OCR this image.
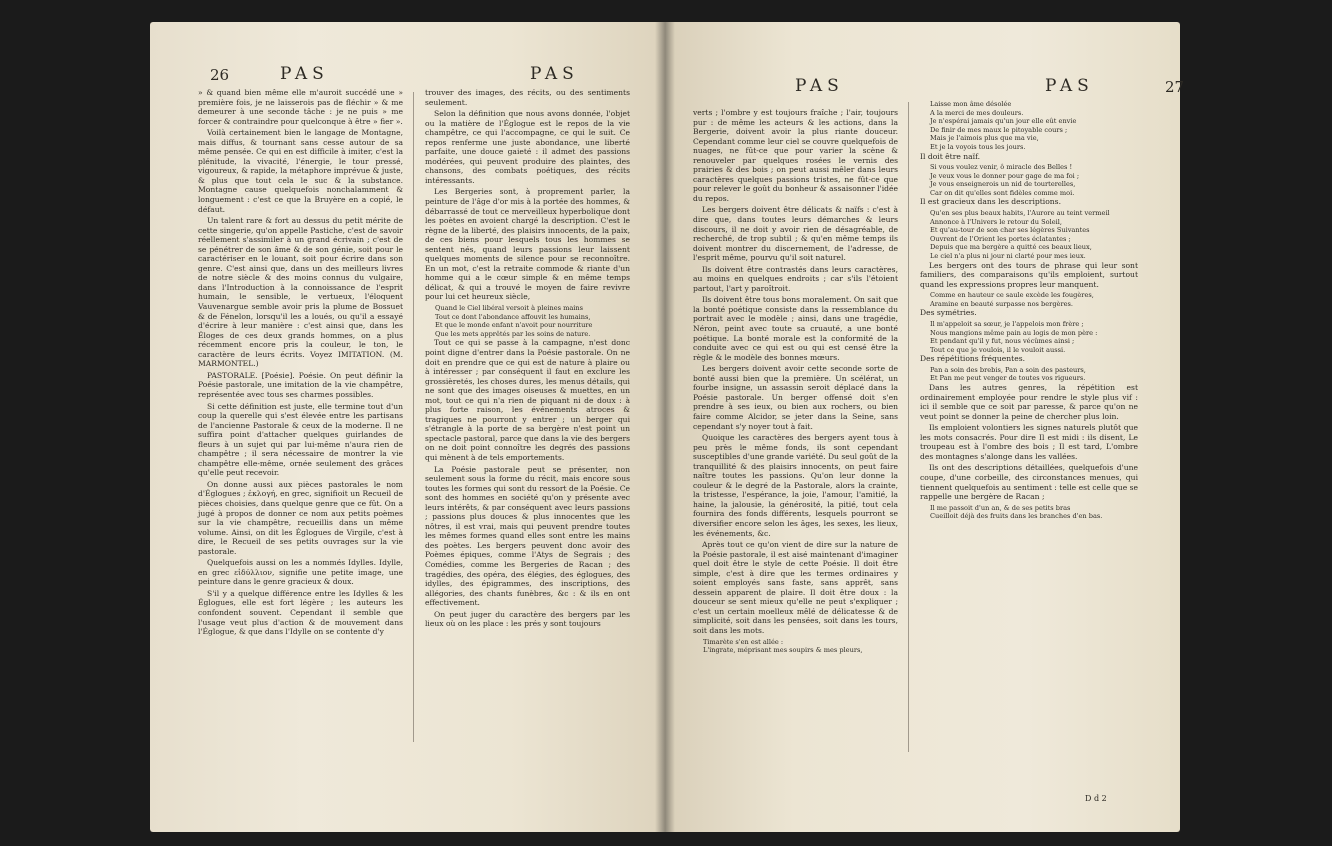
26	PAS	PAS

» & quand bien même elle m'auroit succédé une » première fois, je ne laisserois pas de fléchir » & me demeurer à une seconde tâche : je ne puis » me forcer & contraindre pour quelconque à être » fier ».

Voilà certainement bien le langage de Montagne, mais diffus, & tournant sans cesse autour de sa même pensée. Ce qui en est difficile à imiter, c'est la plénitude, la vivacité, l'énergie, le tour pressé, vigoureux, & rapide, la métaphore imprévue & juste, & plus que tout cela le suc & la substance. Montagne cause quelquefois nonchalamment & longuement : c'est ce que la Bruyère en a copié, le défaut.

Un talent rare & fort au dessus du petit mérite de cette singerie, qu'on appelle Pastiche, c'est de savoir réellement s'assimiler à un grand écrivain ; c'est de se pénétrer de son âme & de son génie, soit pour le caractériser en le louant, soit pour écrire dans son genre. C'est ainsi que, dans un des meilleurs livres de notre siècle & des moins connus du vulgaire, dans l'Introduction à la connoissance de l'esprit humain, le sensible, le vertueux, l'éloquent Vauvenargue semble avoir pris la plume de Bossuet & de Fénelon, lorsqu'il les a loués, ou qu'il a essayé d'écrire à leur manière : c'est ainsi que, dans les Éloges de ces deux grands hommes, on a plus récemment encore pris la couleur, le ton, le caractère de leurs écrits. Voyez IMITATION. (M. MARMONTEL.)

PASTORALE. [Poésie]. Poésie. On peut définir la Poésie pastorale, une imitation de la vie champêtre, représentée avec tous ses charmes possibles.

Si cette définition est juste, elle termine tout d'un coup la querelle qui s'est élevée entre les partisans de l'ancienne Pastorale & ceux de la moderne. Il ne suffira point d'attacher quelques guirlandes de fleurs à un sujet qui par lui-même n'aura rien de champêtre ; il sera nécessaire de montrer la vie champêtre elle-même, ornée seulement des grâces qu'elle peut recevoir.

On donne aussi aux pièces pastorales le nom d'Églogues ; ἐκλογή, en grec, signifioit un Recueil de pièces choisies, dans quelque genre que ce fût. On a jugé à propos de donner ce nom aux petits poèmes sur la vie champêtre, recueillis dans un même volume. Ainsi, on dit les Églogues de Virgile, c'est à dire, le Recueil de ses petits ouvrages sur la vie pastorale.

Quelquefois aussi on les a nommés Idylles. Idylle, en grec εἰδύλλιον, signifie une petite image, une peinture dans le genre gracieux & doux.

S'il y a quelque différence entre les Idylles & les Églogues, elle est fort légère ; les auteurs les confondent souvent. Cependant il semble que l'usage veut plus d'action & de mouvement dans l'Églogue, & que dans l'Idylle on se contente d'y

trouver des images, des récits, ou des sentiments seulement.

Selon la définition que nous avons donnée, l'objet ou la matière de l'Églogue est le repos de la vie champêtre, ce qui l'accompagne, ce qui le suit. Ce repos renferme une juste abondance, une liberté parfaite, une douce gaieté : il admet des passions modérées, qui peuvent produire des plaintes, des chansons, des combats poétiques, des récits intéressants.

Les Bergeries sont, à proprement parler, la peinture de l'âge d'or mis à la portée des hommes, & débarrassé de tout ce merveilleux hyperbolique dont les poètes en avoient chargé la description. C'est le règne de la liberté, des plaisirs innocents, de la paix, de ces biens pour lesquels tous les hommes se sentent nés, quand leurs passions leur laissent quelques moments de silence pour se reconnoître. En un mot, c'est la retraite commode & riante d'un homme qui a le cœur simple & en même temps délicat, & qui a trouvé le moyen de faire revivre pour lui cet heureux siècle,

Quand le Ciel libéral versoit à pleines mains

Tout ce dont l'abondance affouvit les humains,

Et que le monde enfant n'avoit pour nourriture

Que les mets apprêtés par les soins de nature.

Tout ce qui se passe à la campagne, n'est donc point digne d'entrer dans la Poésie pastorale. On ne doit en prendre que ce qui est de nature à plaire ou à intéresser ; par conséquent il faut en exclure les grossièretés, les choses dures, les menus détails, qui ne sont que des images oiseuses & muettes, en un mot, tout ce qui n'a rien de piquant ni de doux : à plus forte raison, les événements atroces & tragiques ne pourront y entrer ; un berger qui s'étrangle à la porte de sa bergère n'est point un spectacle pastoral, parce que dans la vie des bergers on ne doit point connoître les degrés des passions qui mènent à de tels emportements.

La Poésie pastorale peut se présenter, non seulement sous la forme du récit, mais encore sous toutes les formes qui sont du ressort de la Poésie. Ce sont des hommes en société qu'on y présente avec leurs intérêts, & par conséquent avec leurs passions ; passions plus douces & plus innocentes que les nôtres, il est vrai, mais qui peuvent prendre toutes les mêmes formes quand elles sont entre les mains des poètes. Les bergers peuvent donc avoir des Poèmes épiques, comme l'Atys de Segrais ; des Comédies, comme les Bergeries de Racan ; des tragédies, des opéra, des élégies, des églogues, des idylles, des épigrammes, des inscriptions, des allégories, des chants funèbres, &c : & ils en ont effectivement.

On peut juger du caractère des bergers par les lieux où on les place : les prés y sont toujours

PAS	PAS	27

verts ; l'ombre y est toujours fraîche ; l'air, toujours pur : de même les acteurs & les actions, dans la Bergerie, doivent avoir la plus riante douceur. Cependant comme leur ciel se couvre quelquefois de nuages, ne fût-ce que pour varier la scène & renouveler par quelques rosées le vernis des prairies & des bois ; on peut aussi mêler dans leurs caractères quelques passions tristes, ne fût-ce que pour relever le goût du bonheur & assaisonner l'idée du repos.

Les bergers doivent être délicats & naïfs : c'est à dire que, dans toutes leurs démarches & leurs discours, il ne doit y avoir rien de désagréable, de recherché, de trop subtil ; & qu'en même temps ils doivent montrer du discernement, de l'adresse, de l'esprit même, pourvu qu'il soit naturel.

Ils doivent être contrastés dans leurs caractères, au moins en quelques endroits ; car s'ils l'étoient partout, l'art y paroîtroit.

Ils doivent être tous bons moralement. On sait que la bonté poétique consiste dans la ressemblance du portrait avec le modèle ; ainsi, dans une tragédie, Néron, peint avec toute sa cruauté, a une bonté poétique. La bonté morale est la conformité de la conduite avec ce qui est ou qui est censé être la règle & le modèle des bonnes mœurs.

Les bergers doivent avoir cette seconde sorte de bonté aussi bien que la première. Un scélérat, un fourbe insigne, un assassin seroit déplacé dans la Poésie pastorale. Un berger offensé doit s'en prendre à ses ieux, ou bien aux rochers, ou bien faire comme Alcidor, se jeter dans la Seine, sans cependant s'y noyer tout à fait.

Quoique les caractères des bergers ayent tous à peu près le même fonds, ils sont cependant susceptibles d'une grande variété. Du seul goût de la tranquillité & des plaisirs innocents, on peut faire naître toutes les passions. Qu'on leur donne la couleur & le degré de la Pastorale, alors la crainte, la tristesse, l'espérance, la joie, l'amour, l'amitié, la haine, la jalousie, la générosité, la pitié, tout cela fournira des fonds différents, lesquels pourront se diversifier encore selon les âges, les sexes, les lieux, les événements, &c.

Après tout ce qu'on vient de dire sur la nature de la Poésie pastorale, il est aisé maintenant d'imaginer quel doit être le style de cette Poésie. Il doit être simple, c'est à dire que les termes ordinaires y soient employés sans faste, sans apprêt, sans dessein apparent de plaire. Il doit être doux : la douceur se sent mieux qu'elle ne peut s'expliquer ; c'est un certain moelleux mêlé de délicatesse & de simplicité, soit dans les pensées, soit dans les tours, soit dans les mots.

Timarète s'en est allée :

L'ingrate, méprisant mes soupirs & mes pleurs,

Laisse mon âme désolée

A la merci de mes douleurs.

Je n'espérai jamais qu'un jour elle eût envie

De finir de mes maux le pitoyable cours ;

Mais je l'aimois plus que ma vie,

Et je la voyois tous les jours.

Il doit être naïf.

Si vous voulez venir, ô miracle des Belles !

Je veux vous le donner pour gage de ma foi ;

Je vous enseignerois un nid de tourterelles,

Car on dit qu'elles sont fidèles comme moi.

Il est gracieux dans les descriptions.

Qu'en ses plus beaux habits, l'Aurore au teint vermeil

Annonce à l'Univers le retour du Soleil,

Et qu'au-tour de son char ses légères Suivantes

Ouvrent de l'Orient les portes éclatantes ;

Depuis que ma bergère a quitté ces beaux lieux,

Le ciel n'a plus ni jour ni clarté pour mes ieux.

Les bergers ont des tours de phrase qui leur sont familiers, des comparaisons qu'ils emploient, surtout quand les expressions propres leur manquent.

Comme en hauteur ce saule excède les fougères,

Aramine en beauté surpasse nos bergères.

Des symétries.

Il m'appeloit sa sœur, je l'appelois mon frère ;

Nous mangions même pain au logis de mon père :

Et pendant qu'il y fut, nous vécûmes ainsi ;

Tout ce que je voulois, il le vouloit aussi.

Des répétitions fréquentes.

Pan a soin des brebis, Pan a soin des pasteurs,

Et Pan me peut venger de toutes vos rigueurs.

Dans les autres genres, la répétition est ordinairement employée pour rendre le style plus vif : ici il semble que ce soit par paresse, & parce qu'on ne veut point se donner la peine de chercher plus loin.

Ils emploient volontiers les signes naturels plutôt que les mots consacrés. Pour dire Il est midi : ils disent, Le troupeau est à l'ombre des bois ; Il est tard, L'ombre des montagnes s'alonge dans les vallées.

Ils ont des descriptions détaillées, quelquefois d'une coupe, d'une corbeille, des circonstances menues, qui tiennent quelquefois au sentiment : telle est celle que se rappelle une bergère de Racan ;

Il me passoit d'un an, & de ses petits bras

Cueilloit déjà des fruits dans les branches d'en bas.

D d 2
